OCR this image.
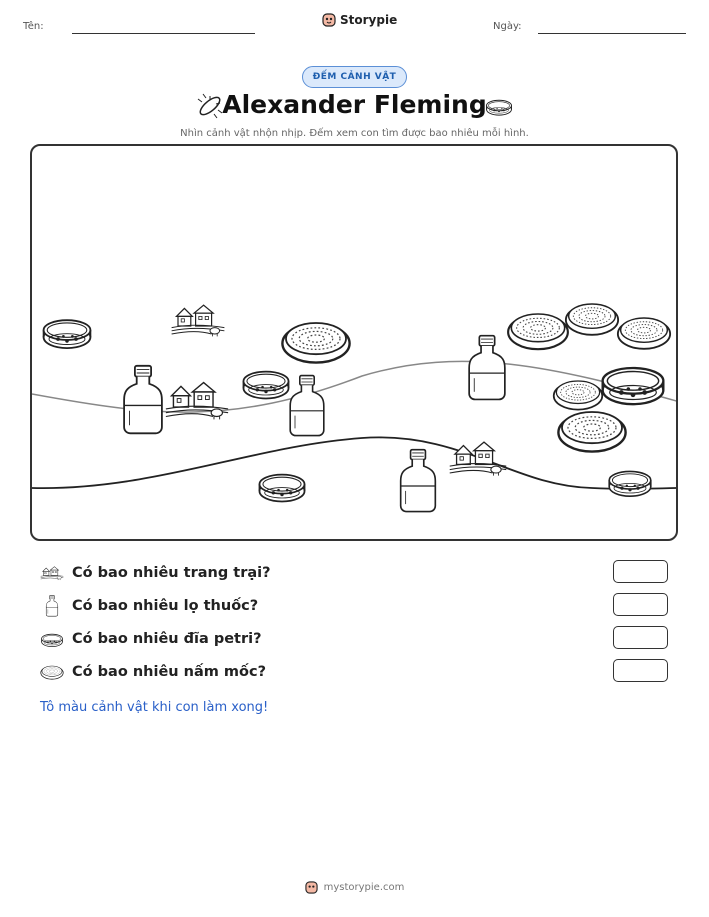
Tên:	Storypie	Ngày:
ĐẾM CẢNH VẬT
Alexander Fleming
Nhìn cảnh vật nhộn nhịp. Đếm xem con tìm được bao nhiêu mỗi hình.
Có bao nhiêu trang trại?
Có bao nhiêu lọ thuốc?
Có bao nhiêu đĩa petri?
Có bao nhiêu nấm mốc?
Tô màu cảnh vật khi con làm xong!
mystorypie.com
